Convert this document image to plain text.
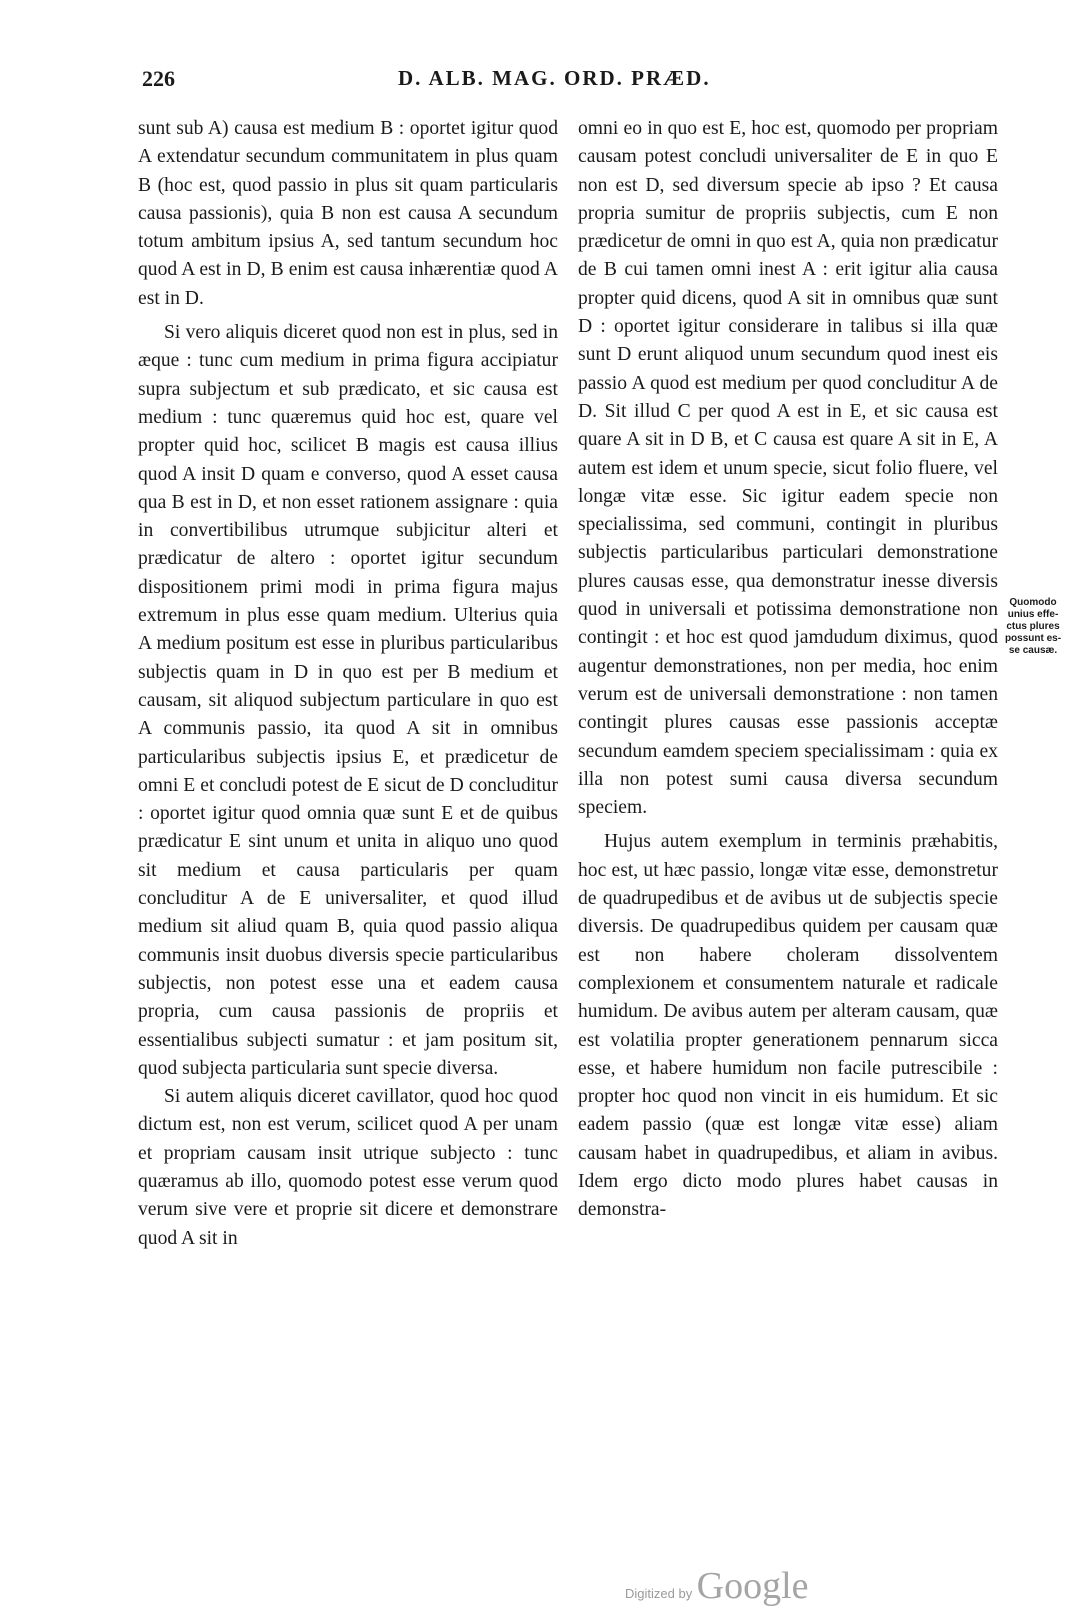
226	D. ALB. MAG. ORD. PRÆD.

sunt sub A) causa est medium B : oportet igitur quod A extendatur secundum communitatem in plus quam B (hoc est, quod passio in plus sit quam particularis causa passionis), quia B non est causa A secundum totum ambitum ipsius A, sed tantum secundum hoc quod A est in D, B enim est causa inhærentiæ quod A est in D.

Si vero aliquis diceret quod non est in plus, sed in æque : tunc cum medium in prima figura accipiatur supra subjectum et sub prædicato, et sic causa est medium : tunc quæremus quid hoc est, quare vel propter quid hoc, scilicet B magis est causa illius quod A insit D quam e converso, quod A esset causa qua B est in D, et non esset rationem assignare : quia in convertibilibus utrumque subjicitur alteri et prædicatur de altero : oportet igitur secundum dispositionem primi modi in prima figura majus extremum in plus esse quam medium. Ulterius quia A medium positum est esse in pluribus particularibus subjectis quam in D in quo est per B medium et causam, sit aliquod subjectum particulare in quo est A communis passio, ita quod A sit in omnibus particularibus subjectis ipsius E, et prædicetur de omni E et concludi potest de E sicut de D concluditur : oportet igitur quod omnia quæ sunt E et de quibus prædicatur E sint unum et unita in aliquo uno quod sit medium et causa particularis per quam concluditur A de E universaliter, et quod illud medium sit aliud quam B, quia quod passio aliqua communis insit duobus diversis specie particularibus subjectis, non potest esse una et eadem causa propria, cum causa passionis de propriis et essentialibus subjecti sumatur : et jam positum sit, quod subjecta particularia sunt specie diversa.

Si autem aliquis diceret cavillator, quod hoc quod dictum est, non est verum, scilicet quod A per unam et propriam causam insit utrique subjecto : tunc quæramus ab illo, quomodo potest esse verum quod verum sive vere et proprie sit dicere et demonstrare quod A sit in

omni eo in quo est E, hoc est, quomodo per propriam causam potest concludi universaliter de E in quo E non est D, sed diversum specie ab ipso ? Et causa propria sumitur de propriis subjectis, cum E non prædicetur de omni in quo est A, quia non prædicatur de B cui tamen omni inest A : erit igitur alia causa propter quid dicens, quod A sit in omnibus quæ sunt D : oportet igitur considerare in talibus si illa quæ sunt D erunt aliquod unum secundum quod inest eis passio A quod est medium per quod concluditur A de D. Sit illud C per quod A est in E, et sic causa est quare A sit in D B, et C causa est quare A sit in E, A autem est idem et unum specie, sicut folio fluere, vel longæ vitæ esse. Sic igitur eadem specie non specialissima, sed communi, contingit in pluribus subjectis particularibus particulari demonstratione plures causas esse, qua demonstratur inesse diversis quod in universali et potissima demonstratione non contingit : et hoc est quod jamdudum diximus, quod augentur demonstrationes, non per media, hoc enim verum est de universali demonstratione : non tamen contingit plures causas esse passionis acceptæ secundum eamdem speciem specialissimam : quia ex illa non potest sumi causa diversa secundum speciem.

Hujus autem exemplum in terminis præhabitis, hoc est, ut hæc passio, longæ vitæ esse, demonstretur de quadrupedibus et de avibus ut de subjectis specie diversis. De quadrupedibus quidem per causam quæ est non habere choleram dissolventem complexionem et consumentem naturale et radicale humidum. De avibus autem per alteram causam, quæ est volatilia propter generationem pennarum sicca esse, et habere humidum non facile putrescibile : propter hoc quod non vincit in eis humidum. Et sic eadem passio (quæ est longæ vitæ esse) aliam causam habet in quadrupedibus, et aliam in avibus. Idem ergo dicto modo plures habet causas in demonstra-

Quomodo
unius effe-
ctus plures
possunt es-
se causæ.
Digitized by Google
